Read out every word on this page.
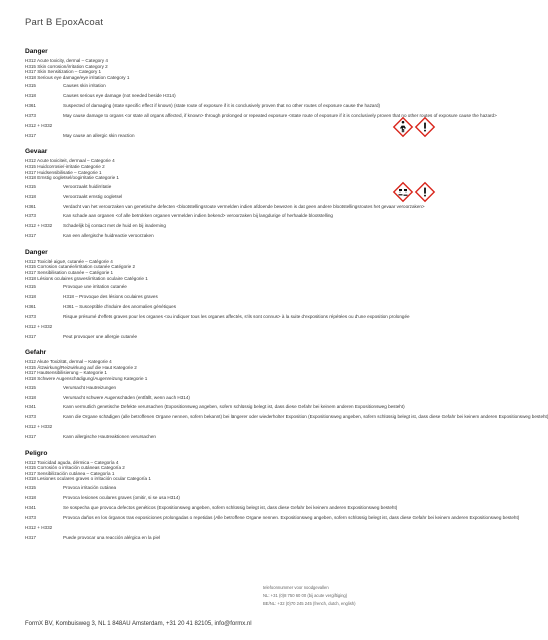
Part B EpoxAcoat
Danger
H312 Acute toxicity, dermal – Category 4
H315 Skin corrosion/irritation Category 2
H317 Skin Sensitization – Category 1
H318 Serious eye damage/eye irritation Category 1
H315	Causes skin irritation
H318	Causes serious eye damage (not needed beside H314)
H361	Suspected of damaging (state specific effect if known) (state route of exposure if it is conclusively proven that no other routes of exposure cause the hazard)
H373	May cause damage to organs <or state all organs affected, if known> through prolonged or repeated exposure <state route of exposure if it is conclusively proven that no other routes of exposure cause the hazard>
H312 + H332
H317	May cause an allergic skin reaction
Gevaar
H312 Acute toxiciteit, dermaal – Categorie 4
H315 Huidcorrosie/-irritatie Categorie 2
H317 Huidsensibilisatie – Categorie 1
H318 Ernstig oogletsel/oogirritatie Categorie 1
H315	Veroorzaakt huidirritatie
H318	Veroorzaakt ernstig oogletsel
H361	Verdacht van het veroorzaken van genetische defecten <blootstellingsroute vermelden indien afdoende bewezen is dat geen andere blootstellingsroutes het gevaar veroorzaken>
H373	Kan schade aan organen <of alle betrokken organen vermelden indien bekend> veroorzaken bij langdurige of herhaalde blootstelling
H312 + H332	Schadelijk bij contact met de huid en bij inademing
H317	Kan een allergische huidreactie veroorzaken
Danger
H312 Toxicité aiguë, cutanée – Catégorie 4
H315 Corrosion cutanée/irritation cutanée Catégorie 2
H317 Sensibilisation cutanée – Catégorie 1
H318 Lésions oculaires graves/irritation oculaire Catégorie 1
H315	Provoque une irritation cutanée
H318	H318 – Provoque des lésions oculaires graves
H361	H361 – Susceptible d'induire des anomalies génétiques
H373	Risque présumé d'effets graves pour les organes <ou indiquer tous les organes affectés, s'ils sont connus> à la suite d'expositions répétées ou d'une exposition prolongée
H312 + H332
H317	Peut provoquer une allergie cutanée
Gefahr
H312 Akute Toxizität, dermal – Kategorie 4
H315 Ätzwirkung/Reizwirkung auf die Haut Kategorie 2
H317 Hautsensibilisierung – Kategorie 1
H318 Schwere Augenschädigung/Augenreizung Kategorie 1
H315	Verursacht Hautreizungen
H318	Verursacht schwere Augenschäden (entfällt, wenn auch H314)
H341	Kann vermutlich genetische Defekte verursachen (Expositionsweg angeben, sofern schlüssig belegt ist, dass diese Gefahr bei keinem anderen Expositionsweg besteht)
H373	Kann die Organe schädigen (alle betroffenen Organe nennen, sofern bekannt) bei längerer oder wiederholter Exposition (Expositionsweg angeben, sofern schlüssig belegt ist, dass diese Gefahr bei keinem anderen Expositionsweg besteht)
H312 + H332
H317	Kann allergische Hautreaktionen verursachen
Peligro
H312 Toxicidad aguda, dérmica – Categoría 4
H315 Corrosión o irritación cutáneas Categoría 2
H317 Sensibilización cutánea – Categoría 1
H318 Lesiones oculares graves o irritación ocular Categoría 1
H315	Provoca irritación cutánea
H318	Provoca lesiones oculares graves (omitir, si se usa H314)
H341	Se sospecha que provoca defectos genéticos (Expositionsweg angeben, sofern schlüssig belegt ist, dass diese Gefahr bei keinem anderen Expositionsweg besteht)
H373	Provoca daños en los órganos tras exposiciones prolongadas o repetidas (Alle betroffene Organe nennen. Expositionsweg angeben, sofern schlüssig belegt ist, dass diese Gefahr bei keinem anderen Expositionsweg besteht)
H312 + H332
H317	Puede provocar una reacción alérgica en la piel
telefoonnummer voor noodgevallen
NL: +31 (0)8 750 60 00 (bij acute vergiftiging)
BE/NL: +32 (0)70 245 245 (french, dutch, english)
FormX BV, Kombuisweg 3, NL 1 848AU Amsterdam, +31 20 41 82105, info@formx.nl
